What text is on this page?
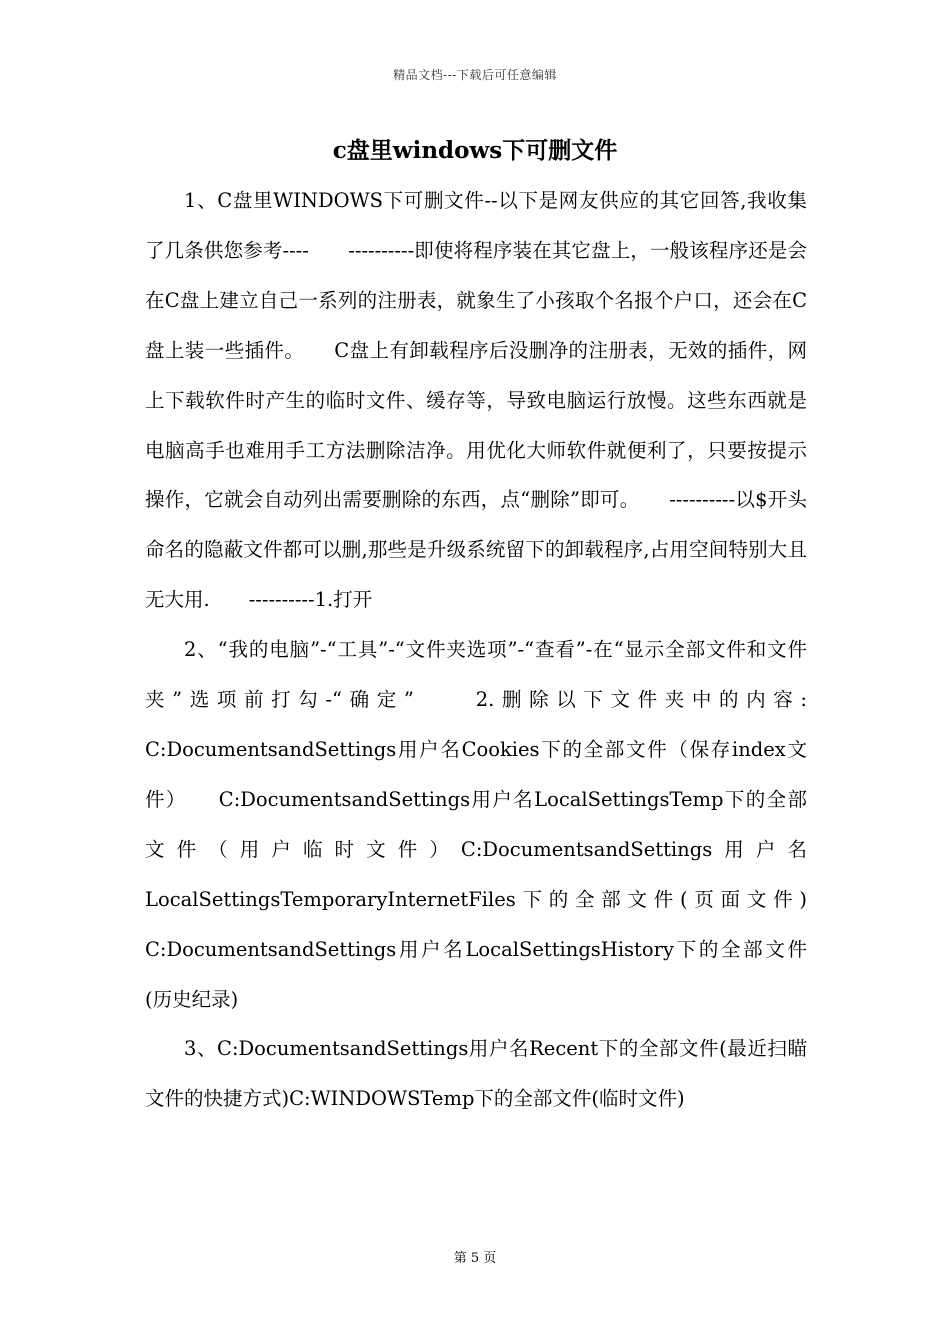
精品文档---下载后可任意编辑
c盘里windows下可删文件

1、C盘里WINDOWS下可删文件--以下是网友供应的其它回答,我收集了几条供您参考----　　----------即使将程序装在其它盘上，一般该程序还是会在C盘上建立自己一系列的注册表，就象生了小孩取个名报个户口，还会在C盘上装一些插件。　　C盘上有卸载程序后没删净的注册表，无效的插件，网上下载软件时产生的临时文件、缓存等，导致电脑运行放慢。这些东西就是电脑高手也难用手工方法删除洁净。用优化大师软件就便利了，只要按提示操作，它就会自动列出需要删除的东西，点“删除”即可。　　----------以$开头命名的隐蔽文件都可以删,那些是升级系统留下的卸载程序,占用空间特别大且无大用.　　----------1.打开

2、“我的电脑”-“工具”-“文件夹选项”-“查看”-在“显示全部文件和文件夹”选项前打勾-“确定”　　2.删除以下文件夹中的内容:　　C:DocumentsandSettings用户名Cookies下的全部文件（保存index文件）　　C:DocumentsandSettings用户名LocalSettingsTemp下的全部文件（用户临时文件）C:DocumentsandSettings用户名LocalSettingsTemporaryInternetFiles下的全部文件(页面文件) C:DocumentsandSettings用户名LocalSettingsHistory下的全部文件(历史纪录)

3、C:DocumentsandSettings用户名Recent下的全部文件(最近扫瞄文件的快捷方式)C:WINDOWSTemp下的全部文件(临时文件)

第 5 页
